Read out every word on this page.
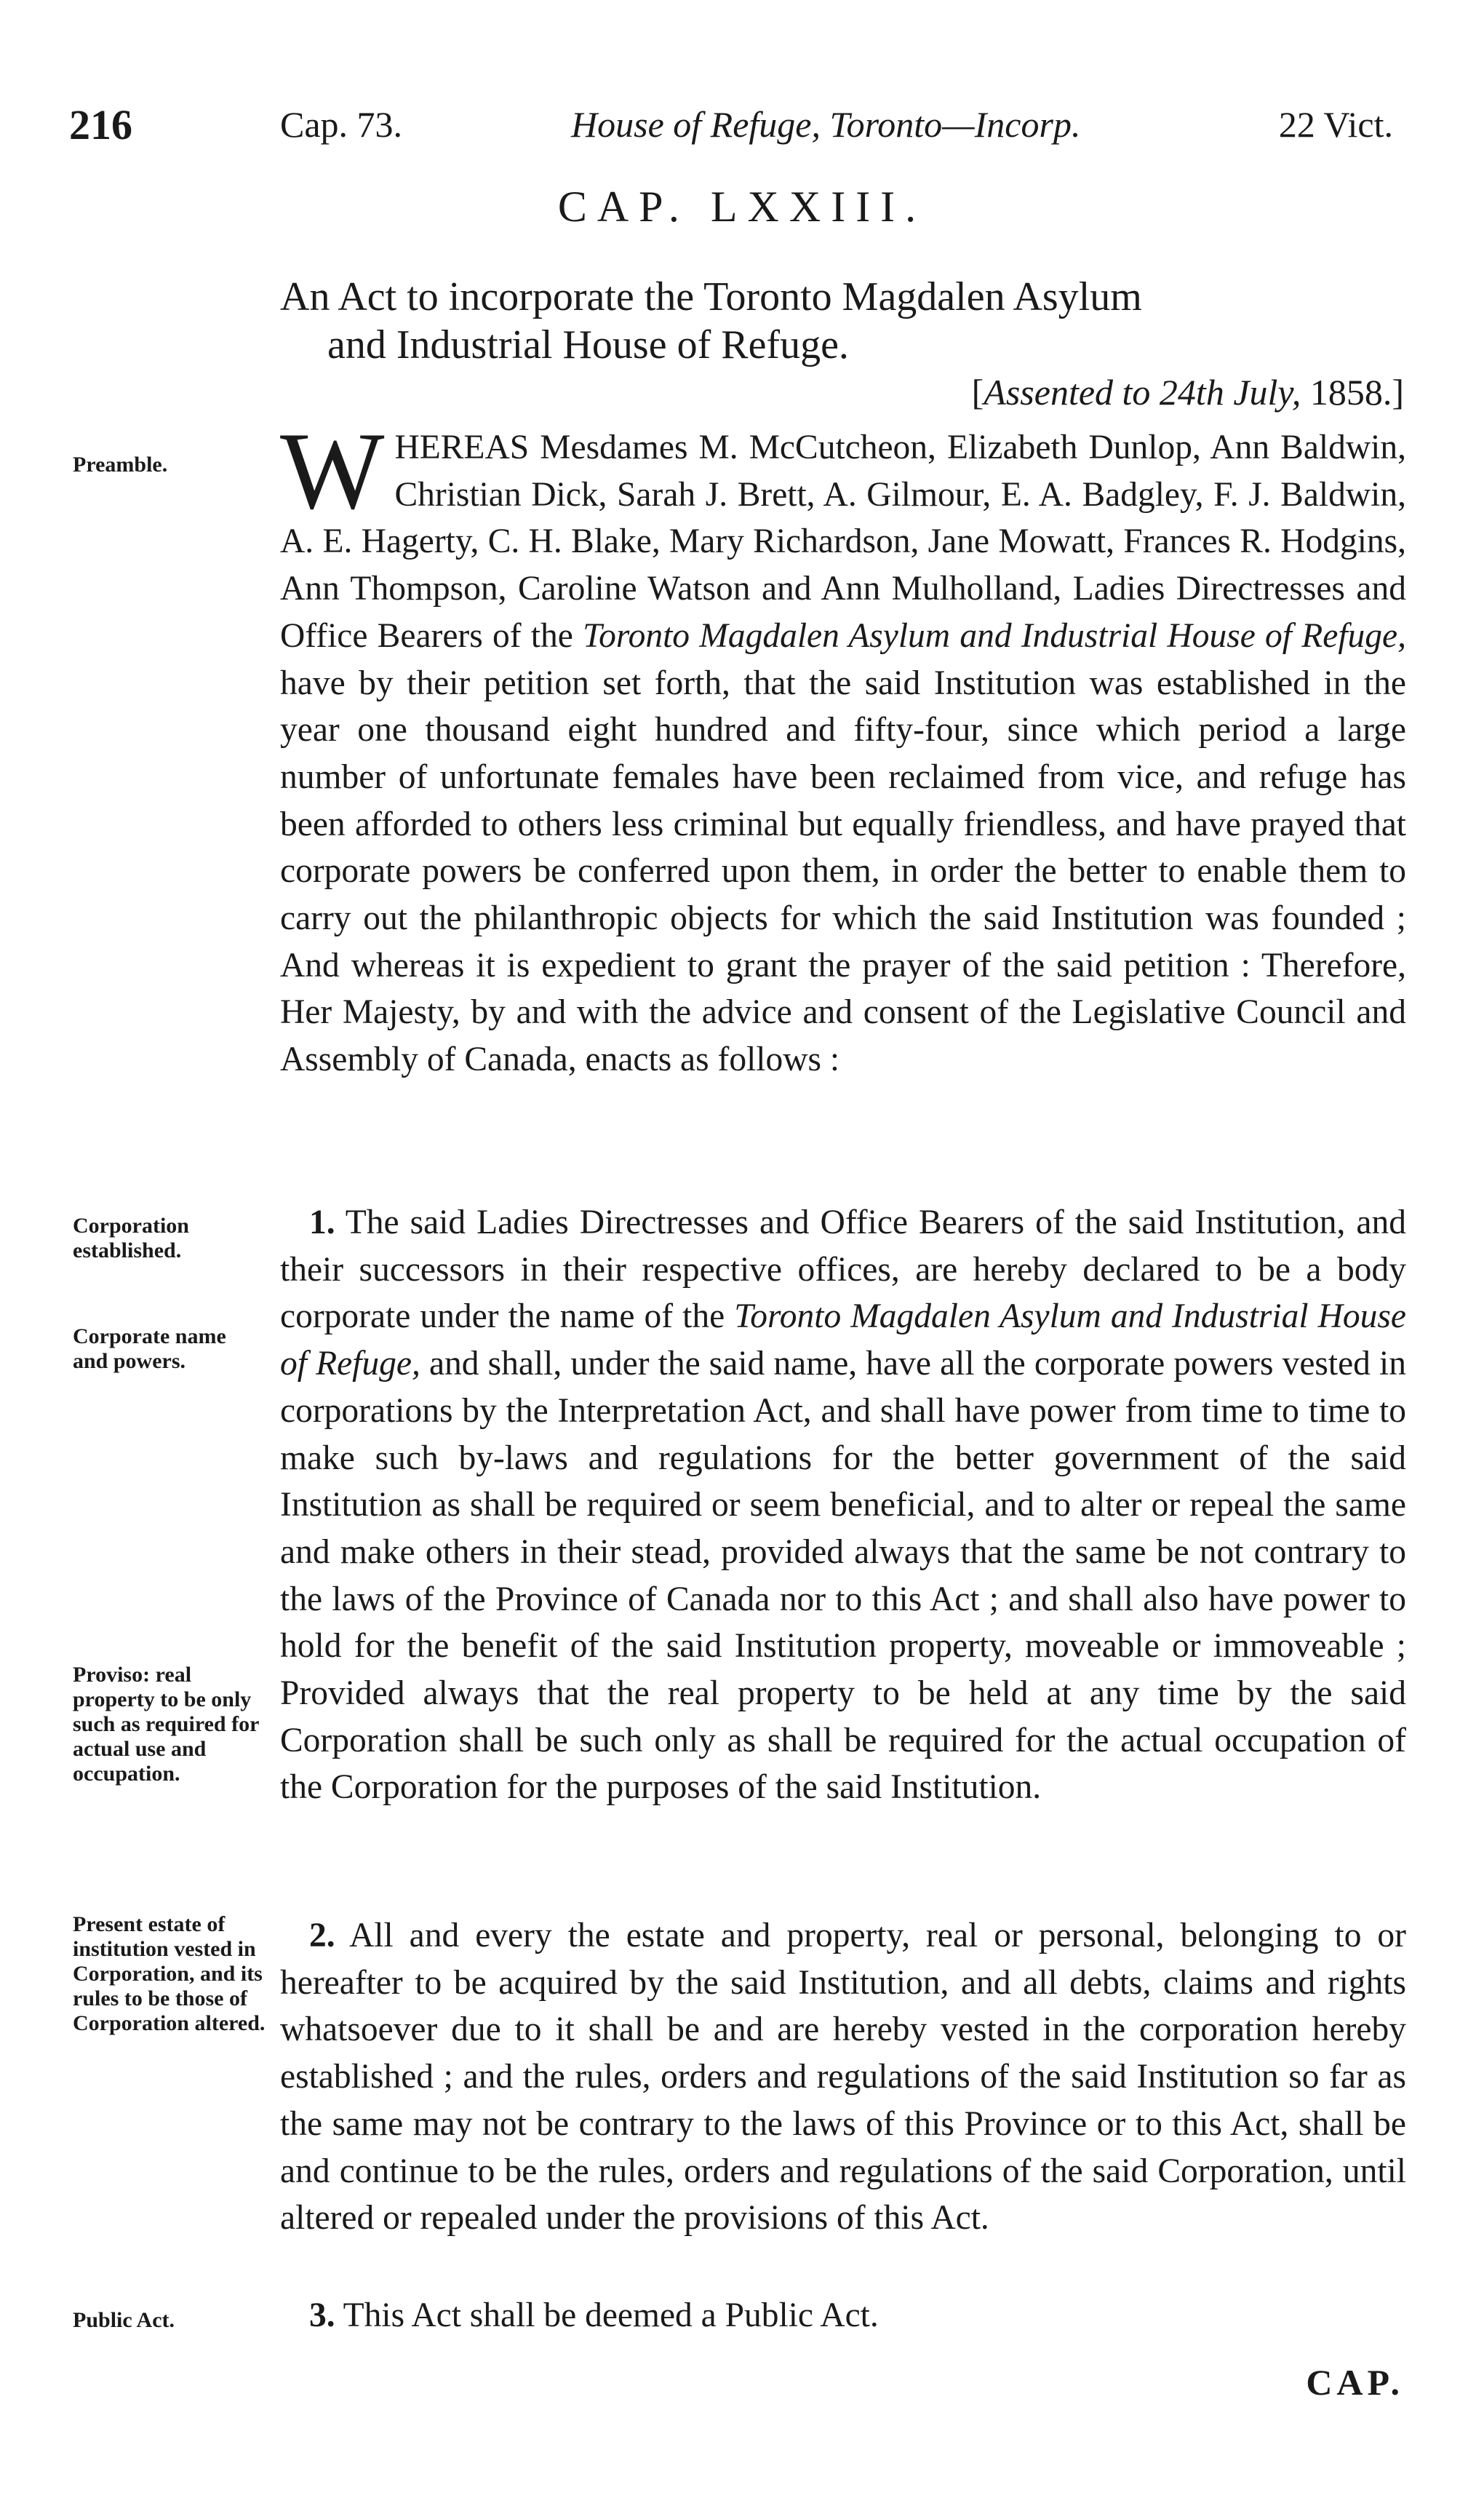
216	Cap. 73.	House of Refuge, Toronto—Incorp.	22 Vict.
CAP. LXXIII.
An Act to incorporate the Toronto Magdalen Asylum
and Industrial House of Refuge.
[Assented to 24th July, 1858.]
Preamble.
Corporation established.
Corporate name and powers.
Proviso: real property to be only such as required for actual use and occupation.
Present estate of institution vested in Corporation, and its rules to be those of Corporation altered.
Public Act.
WHEREAS Mesdames M. McCutcheon, Elizabeth Dunlop, Ann Baldwin, Christian Dick, Sarah J. Brett, A. Gilmour, E. A. Badgley, F. J. Baldwin, A. E. Hagerty, C. H. Blake, Mary Richardson, Jane Mowatt, Frances R. Hodgins, Ann Thompson, Caroline Watson and Ann Mulholland, Ladies Directresses and Office Bearers of the Toronto Magdalen Asylum and Industrial House of Refuge, have by their petition set forth, that the said Institution was established in the year one thousand eight hundred and fifty-four, since which period a large number of unfortunate females have been reclaimed from vice, and refuge has been afforded to others less criminal but equally friendless, and have prayed that corporate powers be conferred upon them, in order the better to enable them to carry out the philanthropic objects for which the said Institution was founded ; And whereas it is expedient to grant the prayer of the said petition : Therefore, Her Majesty, by and with the advice and consent of the Legislative Council and Assembly of Canada, enacts as follows :
1. The said Ladies Directresses and Office Bearers of the said Institution, and their successors in their respective offices, are hereby declared to be a body corporate under the name of the Toronto Magdalen Asylum and Industrial House of Refuge, and shall, under the said name, have all the corporate powers vested in corporations by the Interpretation Act, and shall have power from time to time to make such by-laws and regulations for the better government of the said Institution as shall be required or seem beneficial, and to alter or repeal the same and make others in their stead, provided always that the same be not contrary to the laws of the Province of Canada nor to this Act ; and shall also have power to hold for the benefit of the said Institution property, moveable or immoveable ; Provided always that the real property to be held at any time by the said Corporation shall be such only as shall be required for the actual occupation of the Corporation for the purposes of the said Institution.
2. All and every the estate and property, real or personal, belonging to or hereafter to be acquired by the said Institution, and all debts, claims and rights whatsoever due to it shall be and are hereby vested in the corporation hereby established ; and the rules, orders and regulations of the said Institution so far as the same may not be contrary to the laws of this Province or to this Act, shall be and continue to be the rules, orders and regulations of the said Corporation, until altered or repealed under the provisions of this Act.
3. This Act shall be deemed a Public Act.
CAP.
